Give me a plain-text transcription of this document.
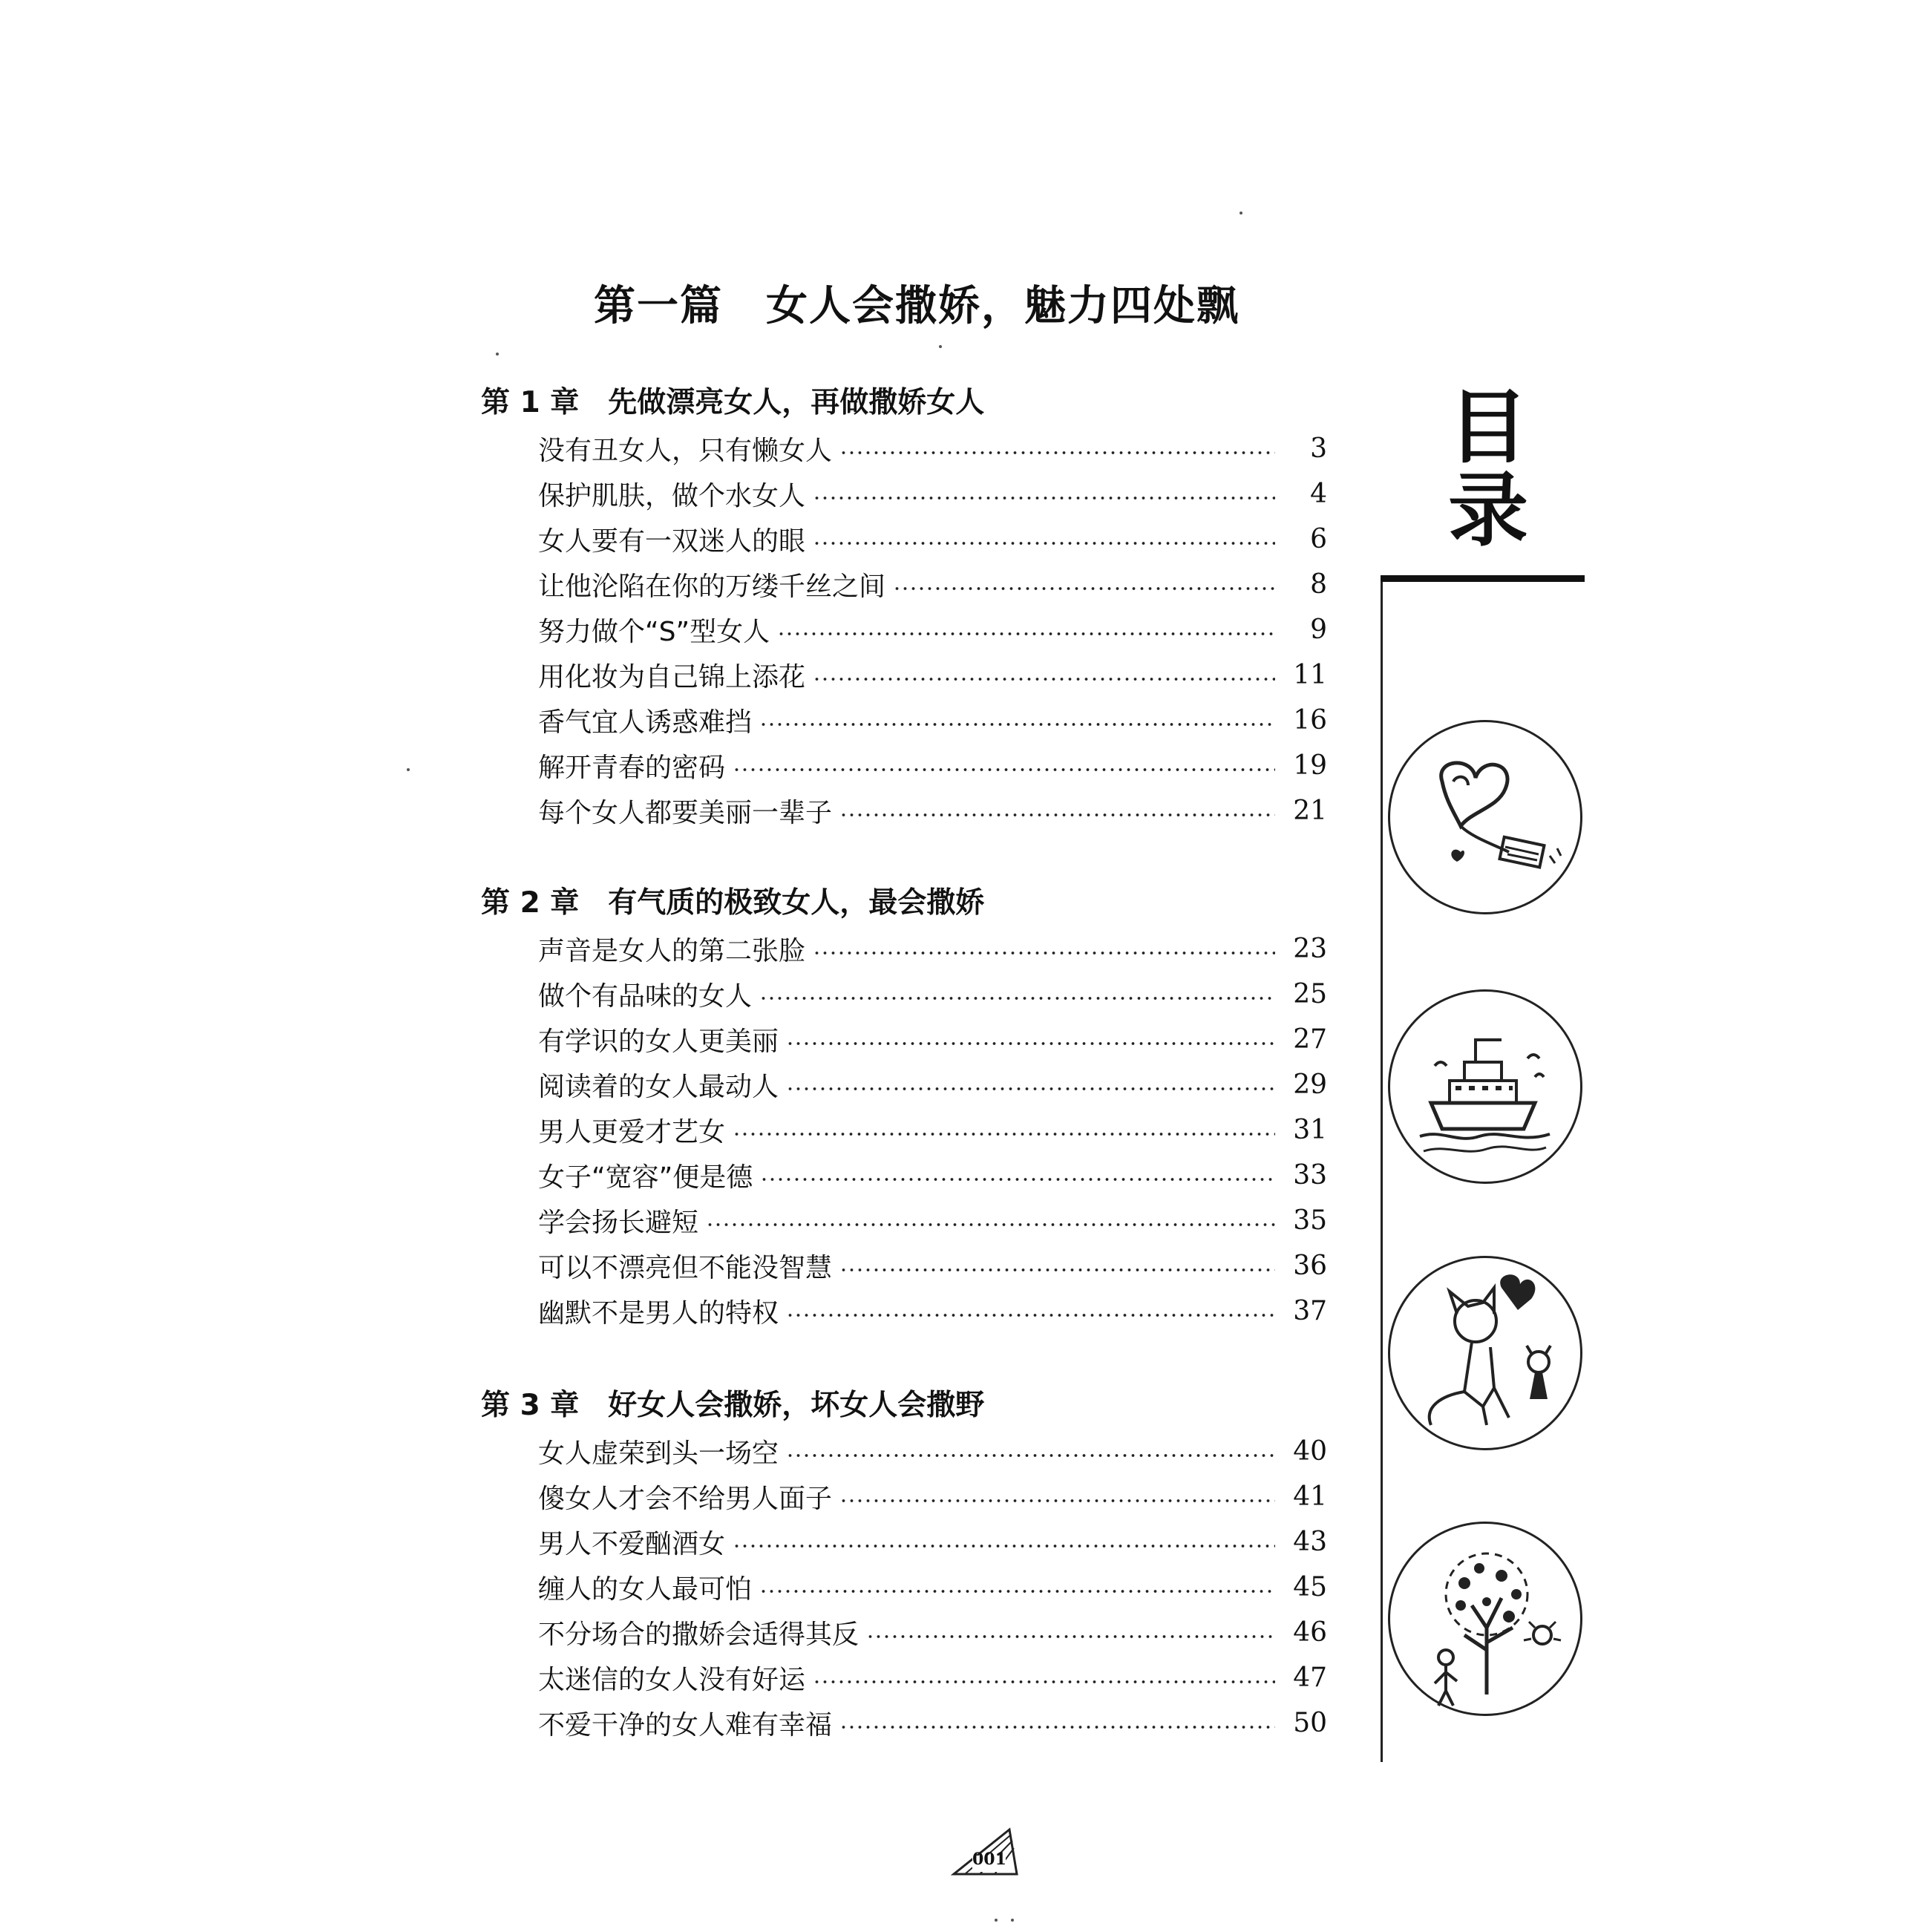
第一篇　女人会撒娇，魅力四处飘
第 1 章　先做漂亮女人，再做撒娇女人
没有丑女人，只有懒女人	3
保护肌肤，做个水女人	4
女人要有一双迷人的眼	6
让他沦陷在你的万缕千丝之间	8
努力做个“S”型女人	9
用化妆为自己锦上添花	11
香气宜人诱惑难挡	16
解开青春的密码	19
每个女人都要美丽一辈子	21
第 2 章　有气质的极致女人，最会撒娇
声音是女人的第二张脸	23
做个有品味的女人	25
有学识的女人更美丽	27
阅读着的女人最动人	29
男人更爱才艺女	31
女子“宽容”便是德	33
学会扬长避短	35
可以不漂亮但不能没智慧	36
幽默不是男人的特权	37
第 3 章　好女人会撒娇，坏女人会撒野
女人虚荣到头一场空	40
傻女人才会不给男人面子	41
男人不爱酗酒女	43
缠人的女人最可怕	45
不分场合的撒娇会适得其反	46
太迷信的女人没有好运	47
不爱干净的女人难有幸福	50
目录
001
